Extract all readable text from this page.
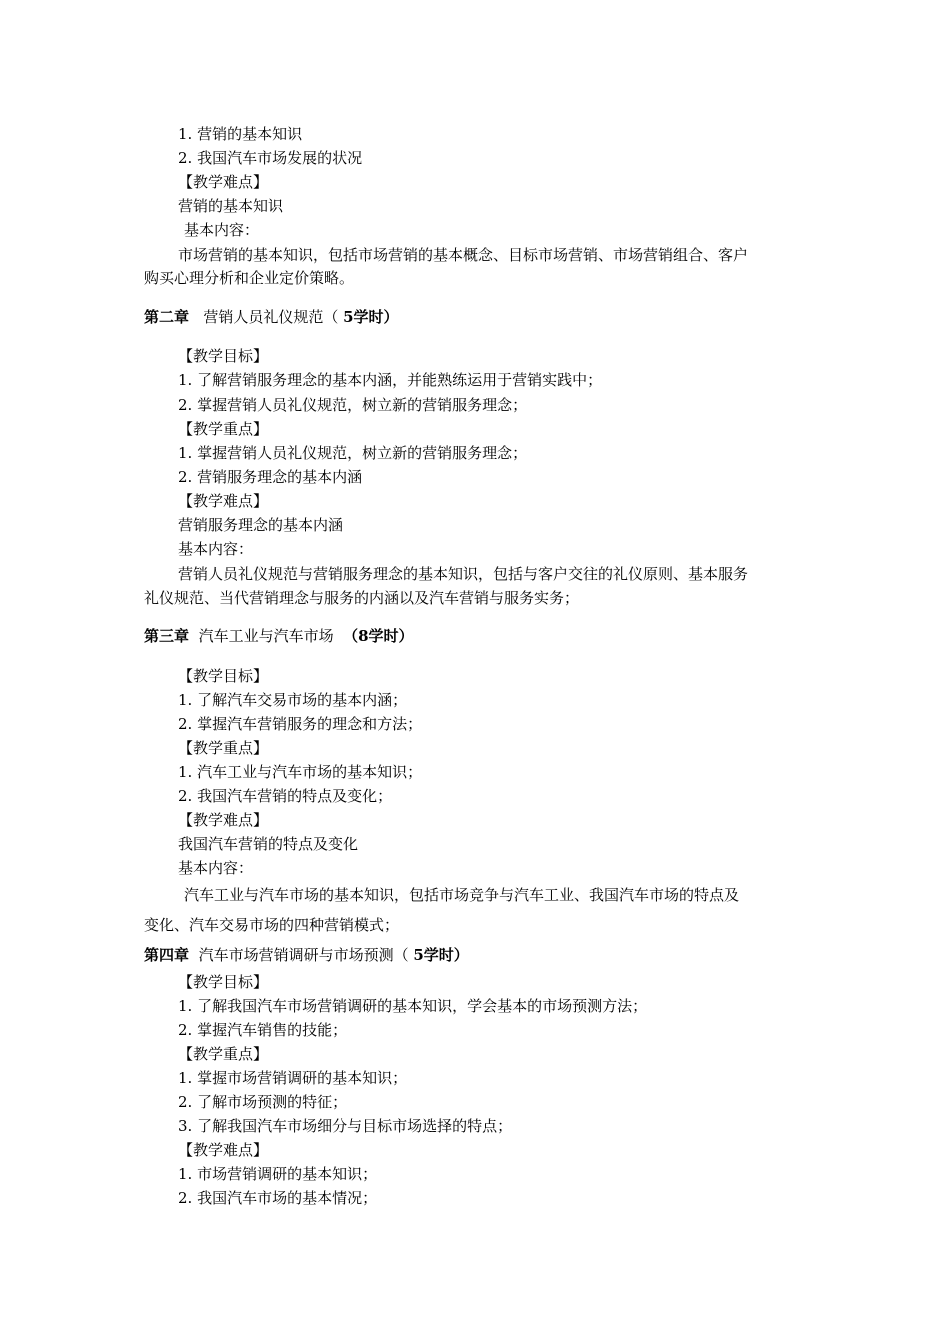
1. 营销的基本知识
2. 我国汽车市场发展的状况
【教学难点】
营销的基本知识
基本内容：
市场营销的基本知识，包括市场营销的基本概念、目标市场营销、市场营销组合、客户
购买心理分析和企业定价策略。
第二章 营销人员礼仪规范（ 5学时）
【教学目标】
1. 了解营销服务理念的基本内涵，并能熟练运用于营销实践中；
2. 掌握营销人员礼仪规范，树立新的营销服务理念；
【教学重点】
1. 掌握营销人员礼仪规范，树立新的营销服务理念；
2. 营销服务理念的基本内涵
【教学难点】
营销服务理念的基本内涵
基本内容：
营销人员礼仪规范与营销服务理念的基本知识，包括与客户交往的礼仪原则、基本服务
礼仪规范、当代营销理念与服务的内涵以及汽车营销与服务实务；
第三章 汽车工业与汽车市场 （8学时）
【教学目标】
1. 了解汽车交易市场的基本内涵；
2. 掌握汽车营销服务的理念和方法；
【教学重点】
1. 汽车工业与汽车市场的基本知识；
2. 我国汽车营销的特点及变化；
【教学难点】
我国汽车营销的特点及变化
基本内容：
汽车工业与汽车市场的基本知识，包括市场竞争与汽车工业、我国汽车市场的特点及
变化、汽车交易市场的四种营销模式；
第四章 汽车市场营销调研与市场预测（ 5学时）
【教学目标】
1. 了解我国汽车市场营销调研的基本知识，学会基本的市场预测方法；
2. 掌握汽车销售的技能；
【教学重点】
1. 掌握市场营销调研的基本知识；
2. 了解市场预测的特征；
3. 了解我国汽车市场细分与目标市场选择的特点；
【教学难点】
1. 市场营销调研的基本知识；
2. 我国汽车市场的基本情况；
